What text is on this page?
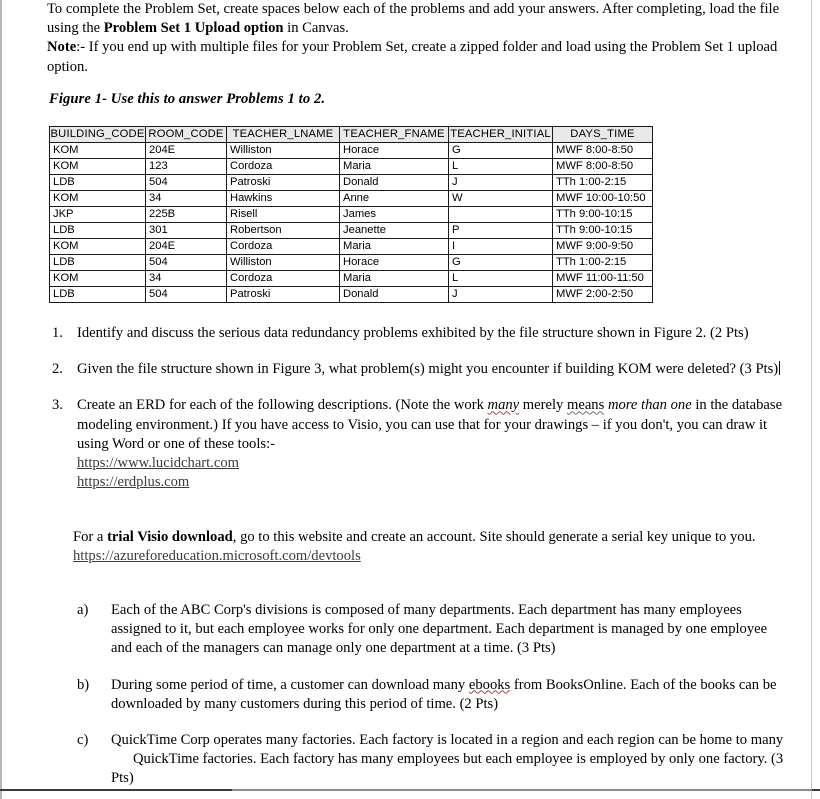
To complete the Problem Set, create spaces below each of the problems and add your answers. After completing, load the file using the Problem Set 1 Upload option in Canvas.
Note:- If you end up with multiple files for your Problem Set, create a zipped folder and load using the Problem Set 1 upload option.

Figure 1- Use this to answer Problems 1 to 2.

BUILDING_CODE	ROOM_CODE	TEACHER_LNAME	TEACHER_FNAME	TEACHER_INITIAL	DAYS_TIME
KOM	204E	Williston	Horace	G	MWF 8:00-8:50
KOM	123	Cordoza	Maria	L	MWF 8:00-8:50
LDB	504	Patroski	Donald	J	TTh 1:00-2:15
KOM	34	Hawkins	Anne	W	MWF 10:00-10:50
JKP	225B	Risell	James		TTh 9:00-10:15
LDB	301	Robertson	Jeanette	P	TTh 9:00-10:15
KOM	204E	Cordoza	Maria	I	MWF 9:00-9:50
LDB	504	Williston	Horace	G	TTh 1:00-2:15
KOM	34	Cordoza	Maria	L	MWF 11:00-11:50
LDB	504	Patroski	Donald	J	MWF 2:00-2:50
1. Identify and discuss the serious data redundancy problems exhibited by the file structure shown in Figure 2. (2 Pts)
2. Given the file structure shown in Figure 3, what problem(s) might you encounter if building KOM were deleted? (3 Pts)
3. Create an ERD for each of the following descriptions. (Note the work many merely means more than one in the database modeling environment.) If you have access to Visio, you can use that for your drawings – if you don't, you can draw it using Word or one of these tools:-
https://www.lucidchart.com
https://erdplus.com

For a trial Visio download, go to this website and create an account. Site should generate a serial key unique to you.

https://azureforeducation.microsoft.com/devtools

a)	Each of the ABC Corp's divisions is composed of many departments. Each department has many employees assigned to it, but each employee works for only one department. Each department is managed by one employee and each of the managers can manage only one department at a time. (3 Pts)
b)	During some period of time, a customer can download many ebooks from BooksOnline. Each of the books can be downloaded by many customers during this period of time. (2 Pts)
c)	QuickTime Corp operates many factories. Each factory is located in a region and each region can be home to manyQuickTime factories. Each factory has many employees but each employee is employed by only one factory. (3 Pts)
